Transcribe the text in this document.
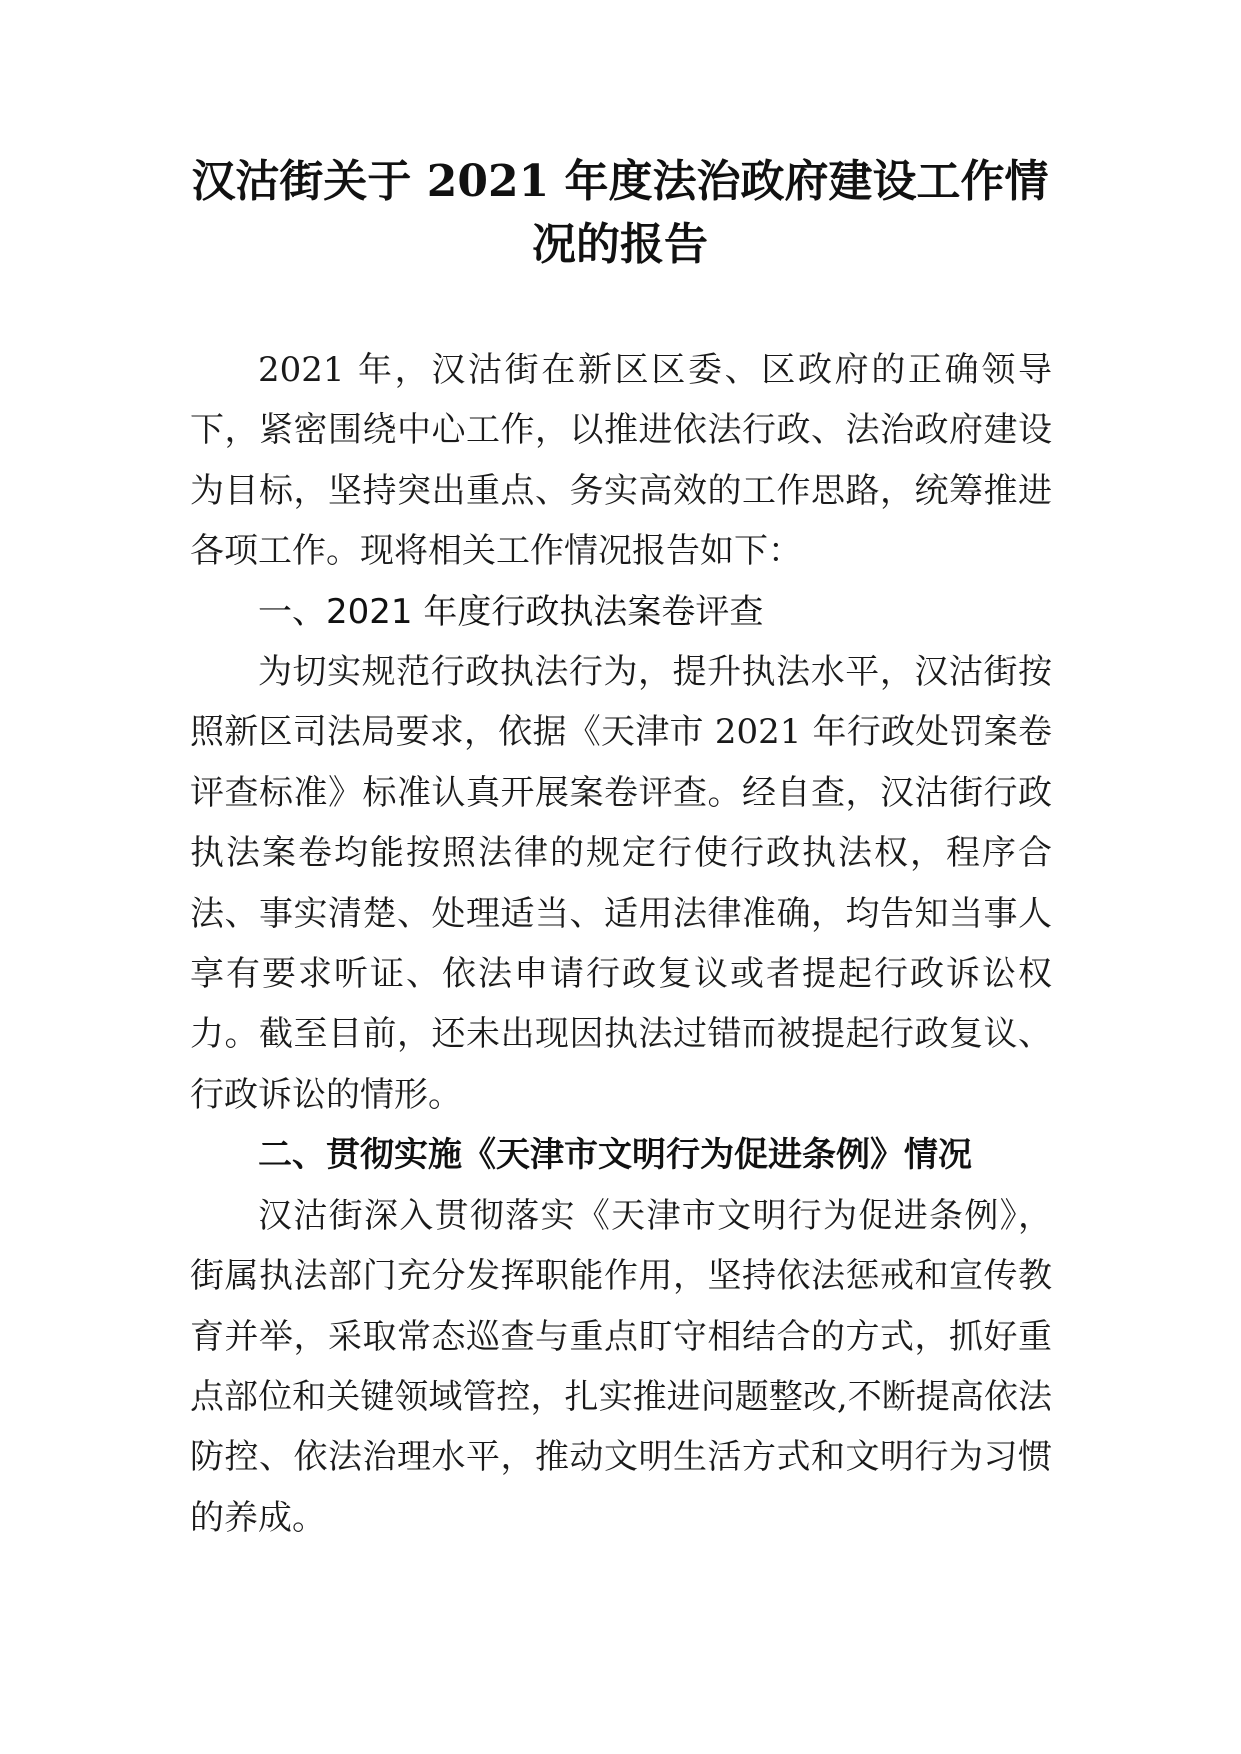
汉沽街关于 2021 年度法治政府建设工作情
况的报告

2021 年，汉沽街在新区区委、区政府的正确领导下，紧密围绕中心工作，以推进依法行政、法治政府建设为目标，坚持突出重点、务实高效的工作思路，统筹推进各项工作。现将相关工作情况报告如下：

一、2021 年度行政执法案卷评查

为切实规范行政执法行为，提升执法水平，汉沽街按照新区司法局要求，依据《天津市 2021 年行政处罚案卷评查标准》标准认真开展案卷评查。经自查，汉沽街行政执法案卷均能按照法律的规定行使行政执法权，程序合法、事实清楚、处理适当、适用法律准确，均告知当事人享有要求听证、依法申请行政复议或者提起行政诉讼权力。截至目前，还未出现因执法过错而被提起行政复议、行政诉讼的情形。

二、贯彻实施《天津市文明行为促进条例》情况

汉沽街深入贯彻落实《天津市文明行为促进条例》，街属执法部门充分发挥职能作用，坚持依法惩戒和宣传教育并举，采取常态巡查与重点盯守相结合的方式，抓好重点部位和关键领域管控，扎实推进问题整改,不断提高依法防控、依法治理水平，推动文明生活方式和文明行为习惯的养成。
